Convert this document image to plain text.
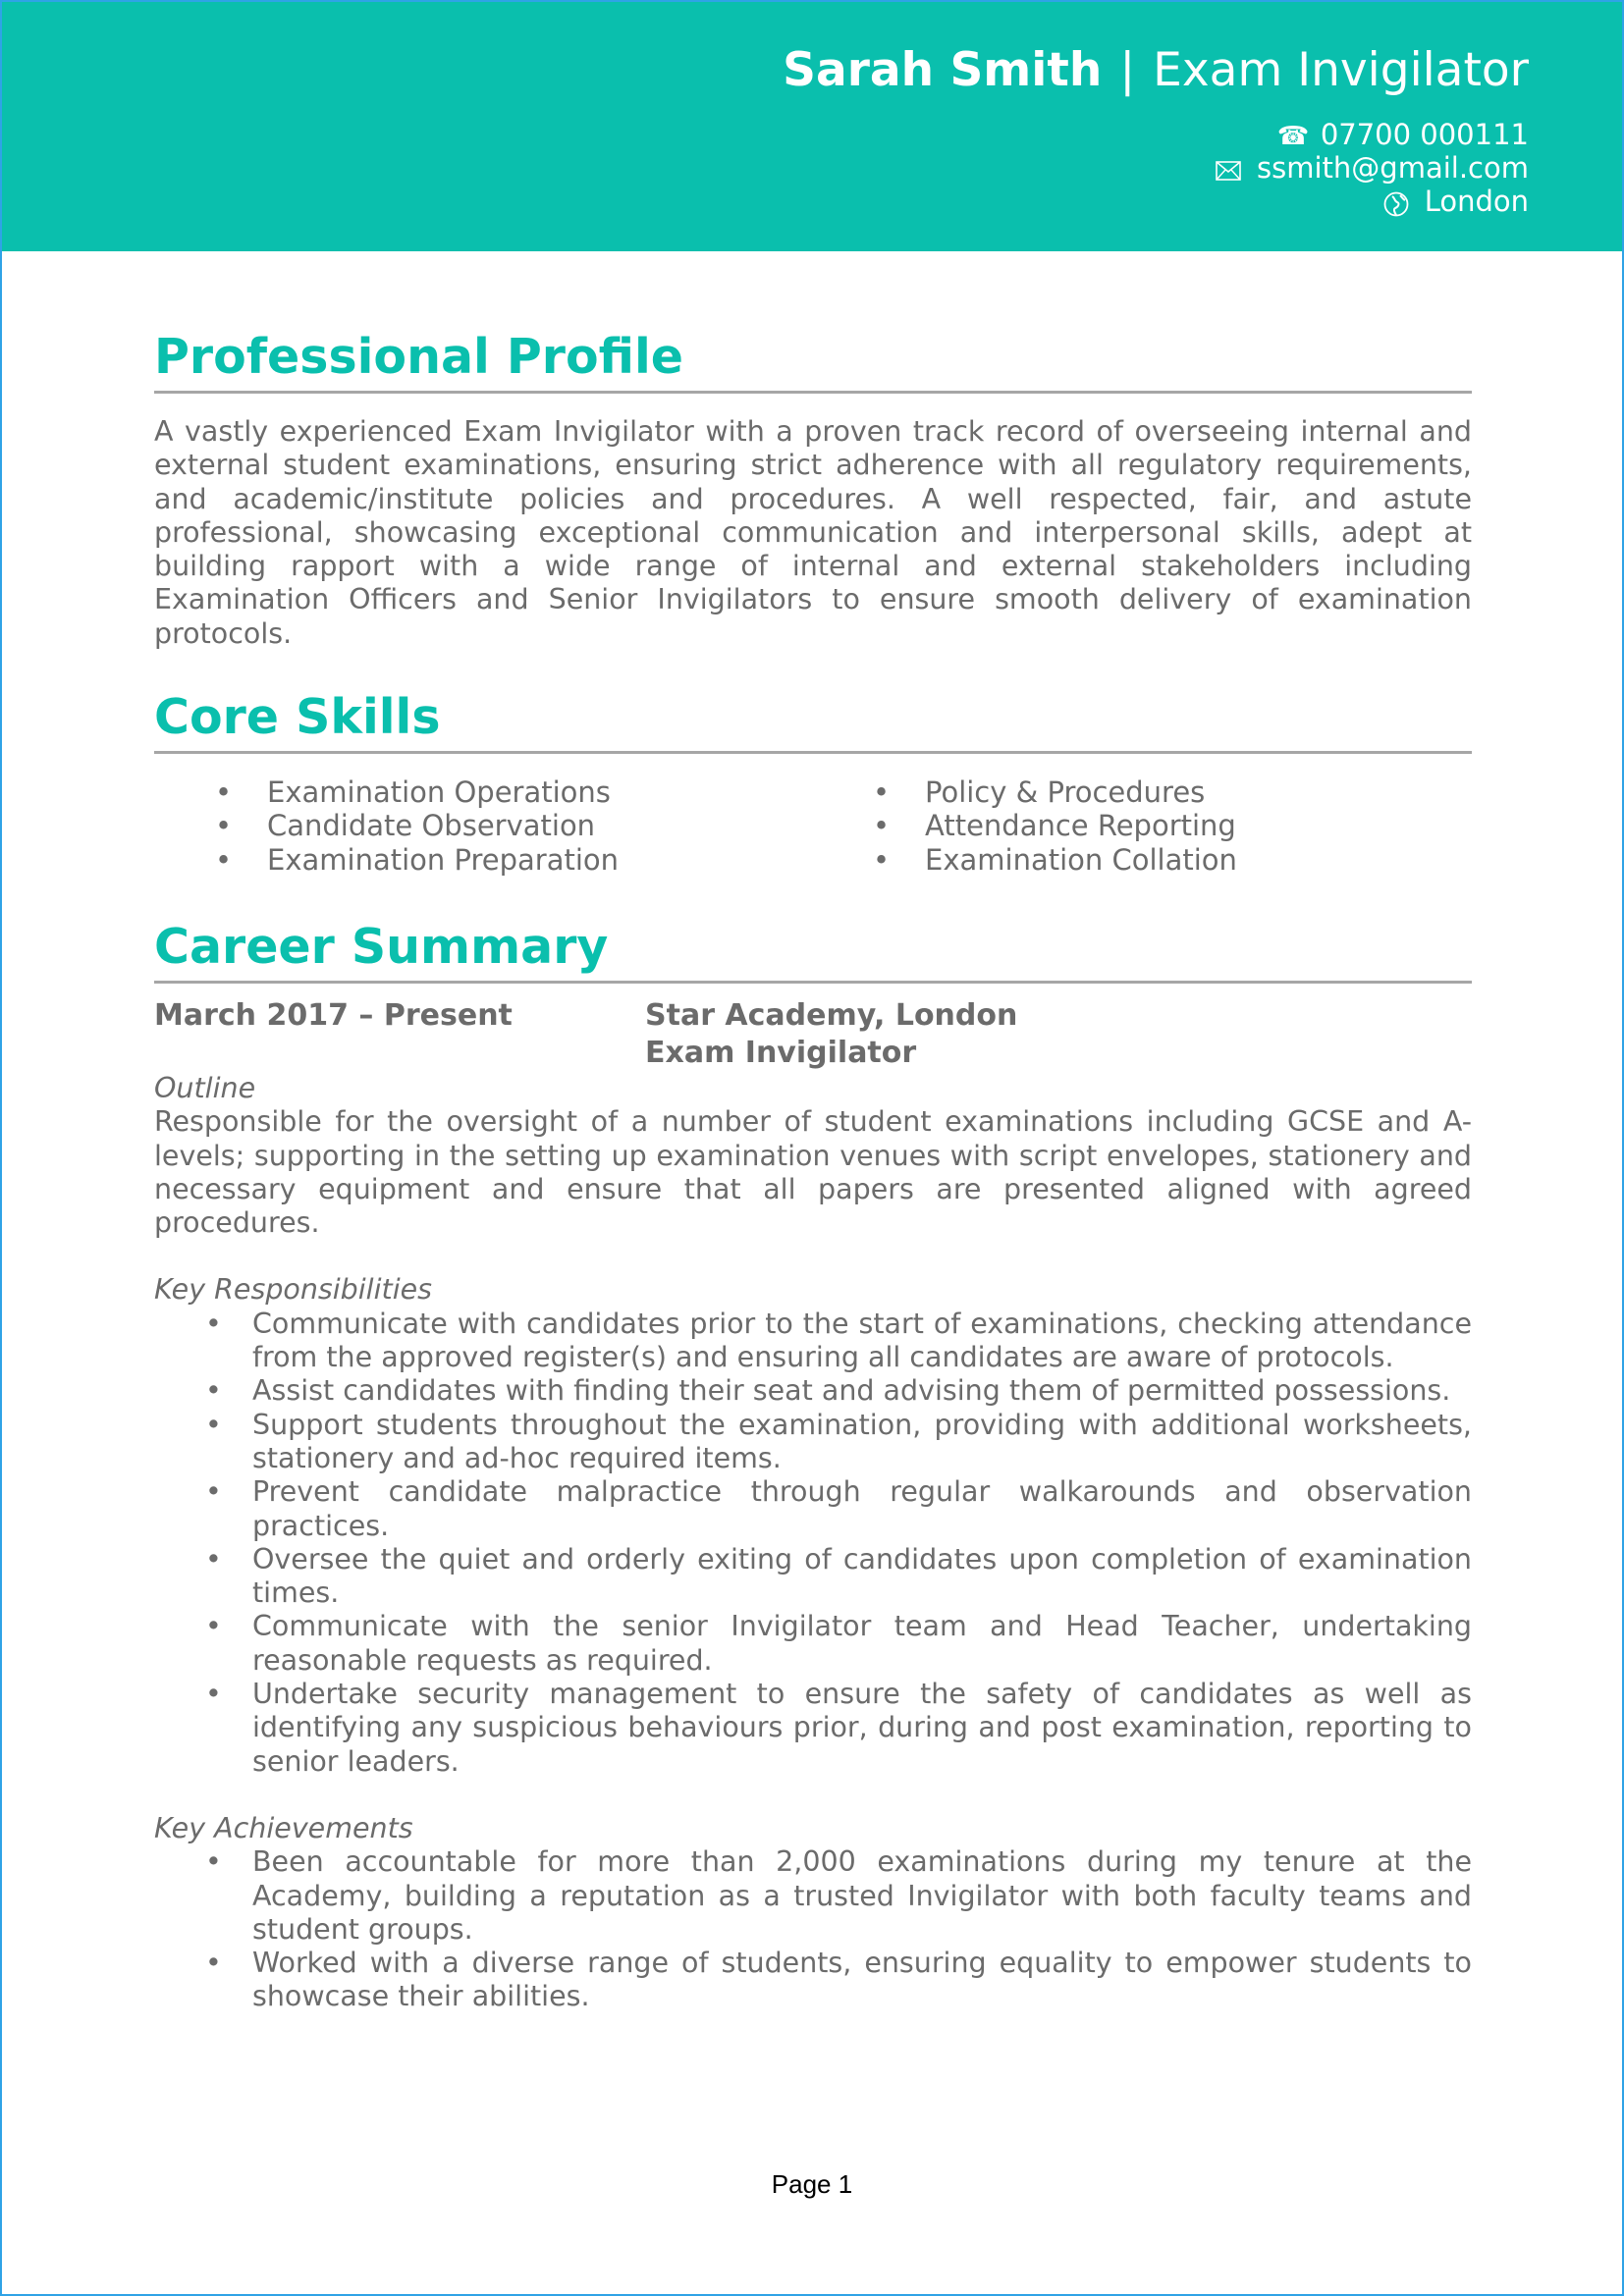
Sarah Smith | Exam Invigilator
☎ 07700 000111
ssmith@gmail.com
London
Professional Profile

A vastly experienced Exam Invigilator with a proven track record of overseeing internal and external student examinations, ensuring strict adherence with all regulatory requirements, and academic/institute policies and procedures. A well respected, fair, and astute professional, showcasing exceptional communication and interpersonal skills, adept at building rapport with a wide range of internal and external stakeholders including Examination Officers and Senior Invigilators to ensure smooth delivery of examination protocols.

Core Skills
• Examination Operations
• Candidate Observation
• Examination Preparation
• Policy & Procedures
• Attendance Reporting
• Examination Collation
Career Summary
March 2017 – Present	Star Academy, London
Exam Invigilator

Outline

Responsible for the oversight of a number of student examinations including GCSE and A-levels; supporting in the setting up examination venues with script envelopes, stationery and necessary equipment and ensure that all papers are presented aligned with agreed procedures.

Key Responsibilities

• Communicate with candidates prior to the start of examinations, checking attendance from the approved register(s) and ensuring all candidates are aware of protocols.
• Assist candidates with finding their seat and advising them of permitted possessions.
• Support students throughout the examination, providing with additional worksheets, stationery and ad-hoc required items.
• Prevent candidate malpractice through regular walkarounds and observation practices.
• Oversee the quiet and orderly exiting of candidates upon completion of examination times.
• Communicate with the senior Invigilator team and Head Teacher, undertaking reasonable requests as required.
• Undertake security management to ensure the safety of candidates as well as identifying any suspicious behaviours prior, during and post examination, reporting to senior leaders.

Key Achievements

• Been accountable for more than 2,000 examinations during my tenure at the Academy, building a reputation as a trusted Invigilator with both faculty teams and student groups.
• Worked with a diverse range of students, ensuring equality to empower students to showcase their abilities.
Page 1
